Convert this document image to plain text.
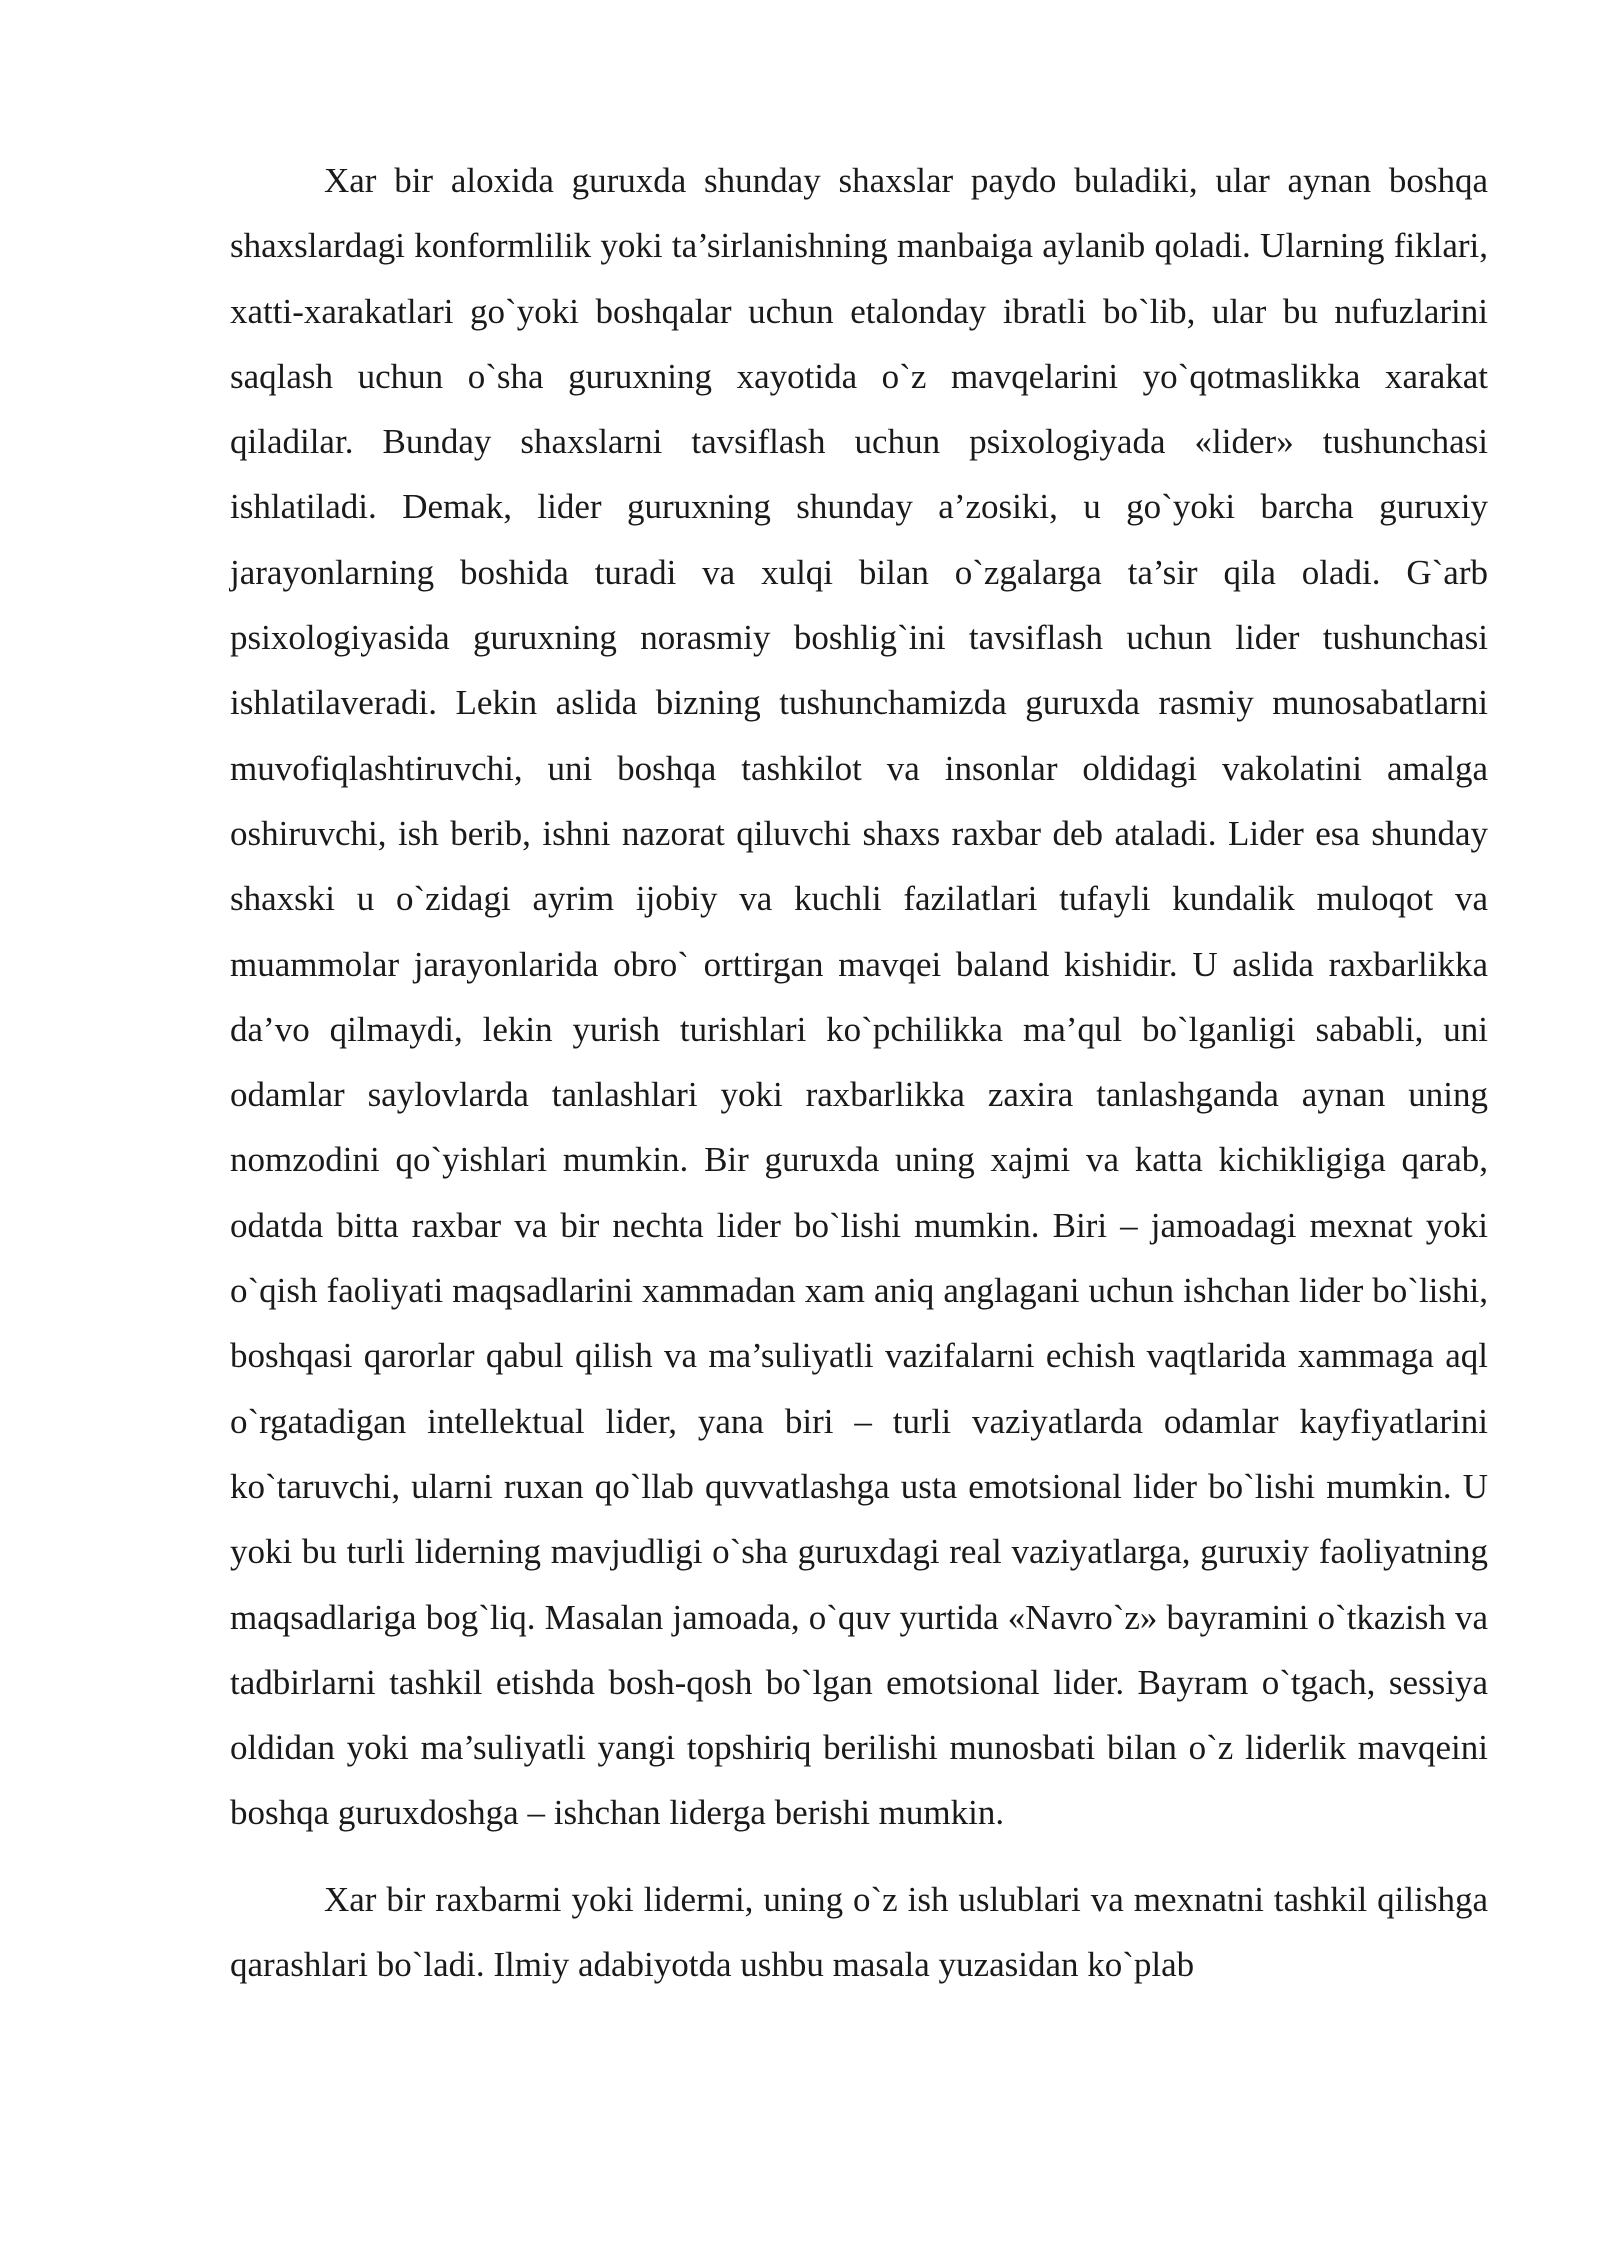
Xar bir aloxida guruxda shunday shaxslar paydo buladiki, ular aynan boshqa shaxslardagi konformlilik yoki ta’sirlanishning manbaiga aylanib qoladi. Ularning fiklari, xatti-xarakatlari go`yoki boshqalar uchun etalonday ibratli bo`lib, ular bu nufuzlarini saqlash uchun o`sha guruxning xayotida o`z mavqelarini yo`qotmaslikka xarakat qiladilar. Bunday shaxslarni tavsiflash uchun psixologiyada «lider» tushunchasi ishlatiladi. Demak, lider guruxning shunday a’zosiki, u go`yoki barcha guruxiy jarayonlarning boshida turadi va xulqi bilan o`zgalarga ta’sir qila oladi. G`arb psixologiyasida guruxning norasmiy boshlig`ini tavsiflash uchun lider tushunchasi ishlatilaveradi. Lekin aslida bizning tushunchamizda guruxda rasmiy munosabatlarni muvofiqlashtiruvchi, uni boshqa tashkilot va insonlar oldidagi vakolatini amalga oshiruvchi, ish berib, ishni nazorat qiluvchi shaxs raxbar deb ataladi. Lider esa shunday shaxski u o`zidagi ayrim ijobiy va kuchli fazilatlari tufayli kundalik muloqot va muammolar jarayonlarida obro` orttirgan mavqei baland kishidir. U aslida raxbarlikka da’vo qilmaydi, lekin yurish turishlari ko`pchilikka ma’qul bo`lganligi sababli, uni odamlar saylovlarda tanlashlari yoki raxbarlikka zaxira tanlashganda aynan uning nomzodini qo`yishlari mumkin. Bir guruxda uning xajmi va katta kichikligiga qarab, odatda bitta raxbar va bir nechta lider bo`lishi mumkin. Biri – jamoadagi mexnat yoki o`qish faoliyati maqsadlarini xammadan xam aniq anglagani uchun ishchan lider bo`lishi, boshqasi qarorlar qabul qilish va ma’suliyatli vazifalarni echish vaqtlarida xammaga aql o`rgatadigan intellektual lider, yana biri – turli vaziyatlarda odamlar kayfiyatlarini ko`taruvchi, ularni ruxan qo`llab quvvatlashga usta emotsional lider bo`lishi mumkin. U yoki bu turli liderning mavjudligi o`sha guruxdagi real vaziyatlarga, guruxiy faoliyatning maqsadlariga bog`liq. Masalan jamoada, o`quv yurtida «Navro`z» bayramini o`tkazish va tadbirlarni tashkil etishda bosh-qosh bo`lgan emotsional lider. Bayram o`tgach, sessiya oldidan yoki ma’suliyatli yangi topshiriq berilishi munosbati bilan o`z liderlik mavqeini boshqa guruxdoshga – ishchan liderga berishi mumkin.

Xar bir raxbarmi yoki lidermi, uning o`z ish uslublari va mexnatni tashkil qilishga qarashlari bo`ladi. Ilmiy adabiyotda ushbu masala yuzasidan ko`plab
